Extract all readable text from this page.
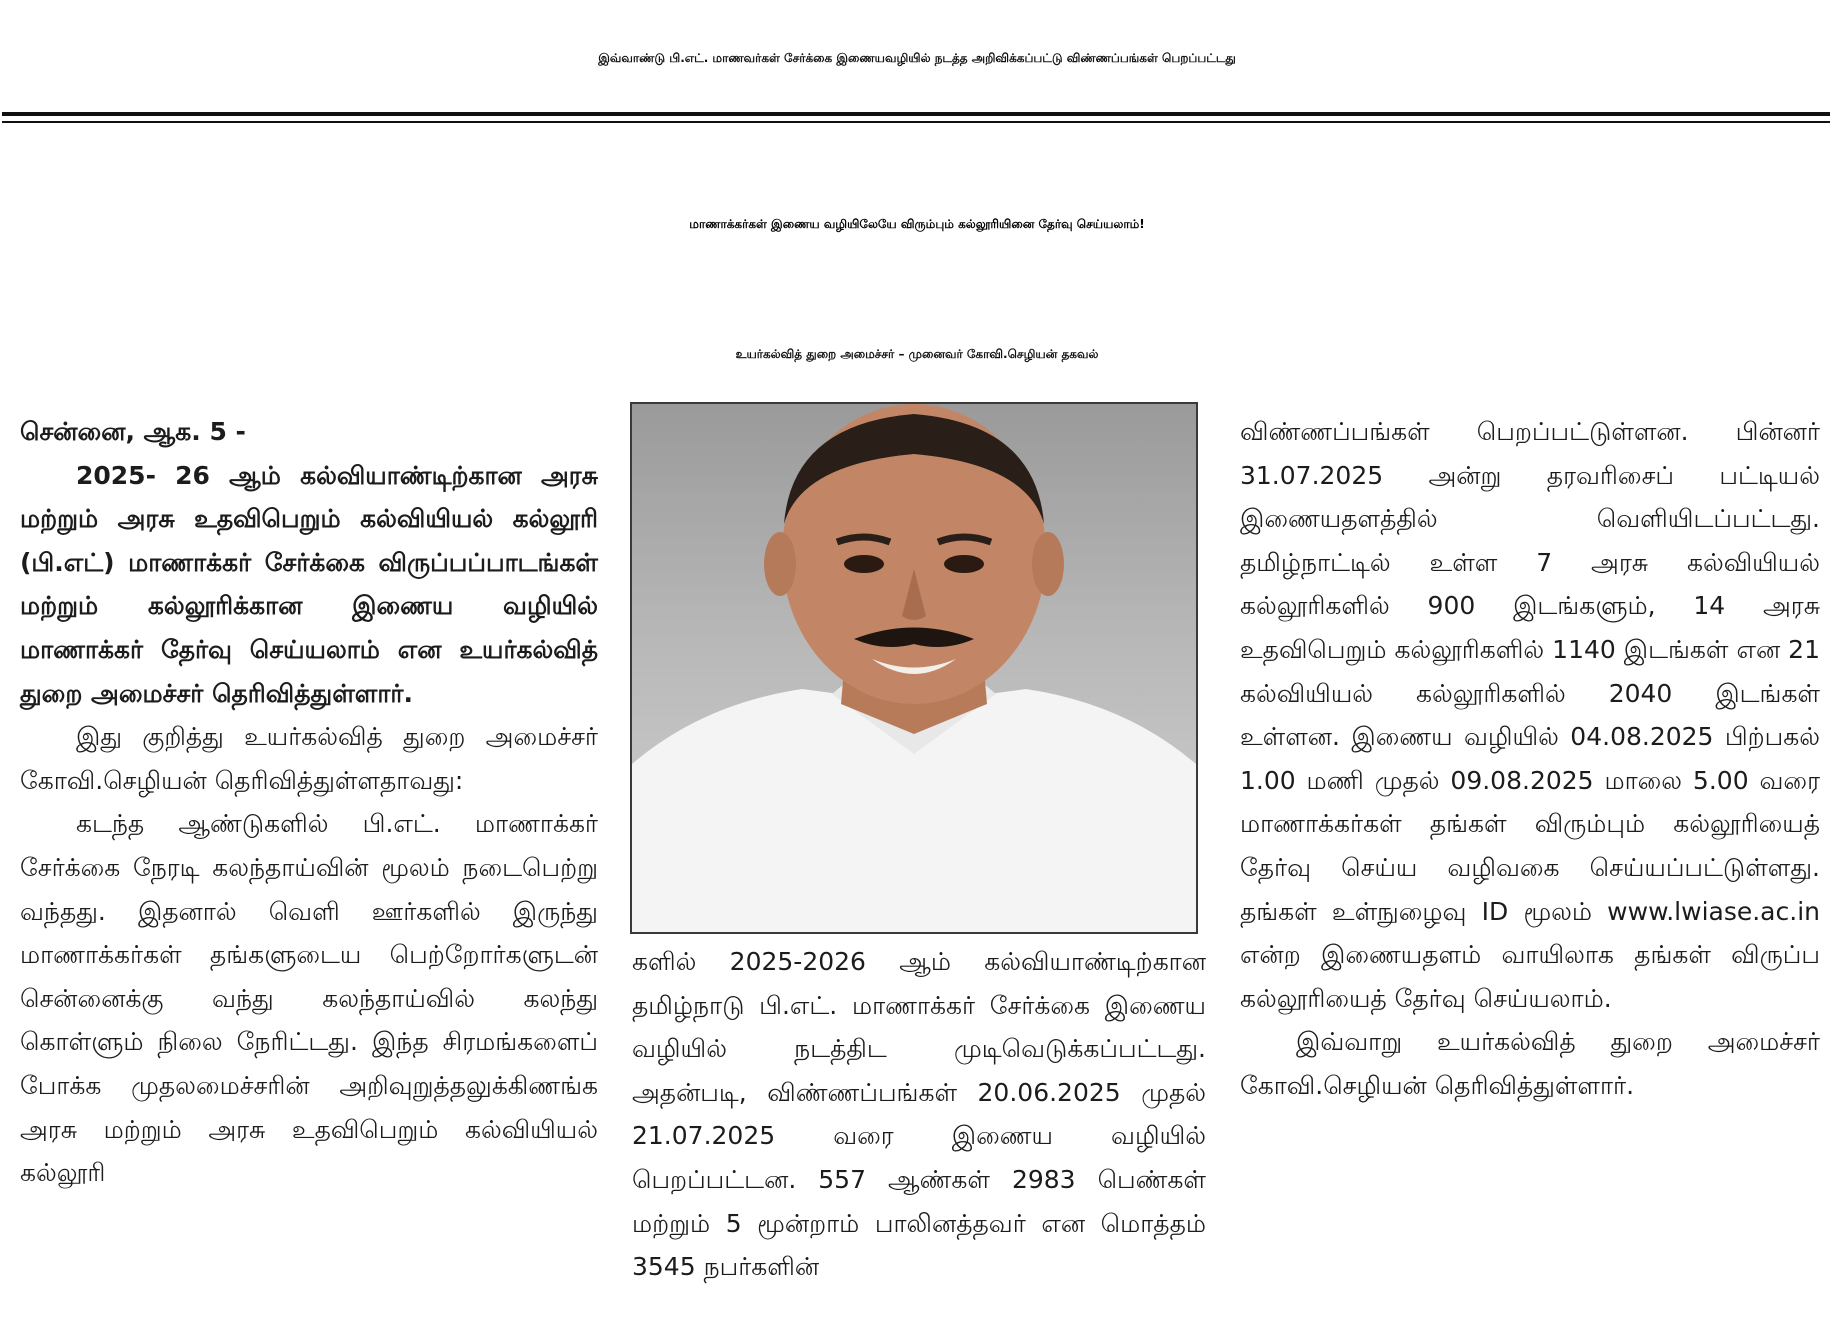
இவ்வாண்டு பி.எட். மாணவர்கள் சேர்க்கை இணையவழியில் நடத்த அறிவிக்கப்பட்டு விண்ணப்பங்கள் பெறப்பட்டது
மாணாக்கர்கள் இணைய வழியிலேயே விரும்பும் கல்லூரியினை தேர்வு செய்யலாம்!
உயர்கல்வித் துறை அமைச்சர் – முனைவர் கோவி.செழியன் தகவல்

சென்னை, ஆக. 5 -

2025- 26 ஆம் கல்வியாண்டிற்கான அரசு மற்றும் அரசு உதவிபெறும் கல்வியியல் கல்லூரி (பி.எட்) மாணாக்கர் சேர்க்கை விருப்பப்பாடங்கள் மற்றும் கல்லூரிக்கான இணைய வழியில் மாணாக்கர் தேர்வு செய்யலாம் என உயர்கல்வித் துறை அமைச்சர் தெரிவித்துள்ளார்.

இது குறித்து உயர்கல்வித் துறை அமைச்சர் கோவி.செழியன் தெரிவித்துள்ளதாவது:

கடந்த ஆண்டுகளில் பி.எட். மாணாக்கர் சேர்க்கை நேரடி கலந்தாய்வின் மூலம் நடைபெற்று வந்தது. இதனால் வெளி ஊர்களில் இருந்து மாணாக்கர்கள் தங்களுடைய பெற்றோர்களுடன் சென்னைக்கு வந்து கலந்தாய்வில் கலந்து கொள்ளும் நிலை நேரிட்டது. இந்த சிரமங்களைப் போக்க முதலமைச்சரின் அறிவுறுத்தலுக்கிணங்க அரசு மற்றும் அரசு உதவிபெறும் கல்வியியல் கல்லூரி

களில் 2025-2026 ஆம் கல்வியாண்டிற்கான தமிழ்நாடு பி.எட். மாணாக்கர் சேர்க்கை இணைய வழியில் நடத்திட முடிவெடுக்கப்பட்டது. அதன்படி, விண்ணப்பங்கள் 20.06.2025 முதல் 21.07.2025 வரை இணைய வழியில் பெறப்பட்டன. 557 ஆண்கள் 2983 பெண்கள் மற்றும் 5 மூன்றாம் பாலினத்தவர் என மொத்தம் 3545 நபர்களின்

விண்ணப்பங்கள் பெறப்பட்டுள்ளன. பின்னர் 31.07.2025 அன்று தரவரிசைப் பட்டியல் இணையதளத்தில் வெளியிடப்பட்டது. தமிழ்நாட்டில் உள்ள 7 அரசு கல்வியியல் கல்லூரிகளில் 900 இடங்களும், 14 அரசு உதவிபெறும் கல்லூரிகளில் 1140 இடங்கள் என 21 கல்வியியல் கல்லூரிகளில் 2040 இடங்கள் உள்ளன. இணைய வழியில் 04.08.2025 பிற்பகல் 1.00 மணி முதல் 09.08.2025 மாலை 5.00 வரை மாணாக்கர்கள் தங்கள் விரும்பும் கல்லூரியைத் தேர்வு செய்ய வழிவகை செய்யப்பட்டுள்ளது. தங்கள் உள்நுழைவு ID மூலம் www.lwiase.ac.in என்ற இணையதளம் வாயிலாக தங்கள் விருப்ப கல்லூரியைத் தேர்வு செய்யலாம்.

இவ்வாறு உயர்கல்வித் துறை அமைச்சர் கோவி.செழியன் தெரிவித்துள்ளார்.
